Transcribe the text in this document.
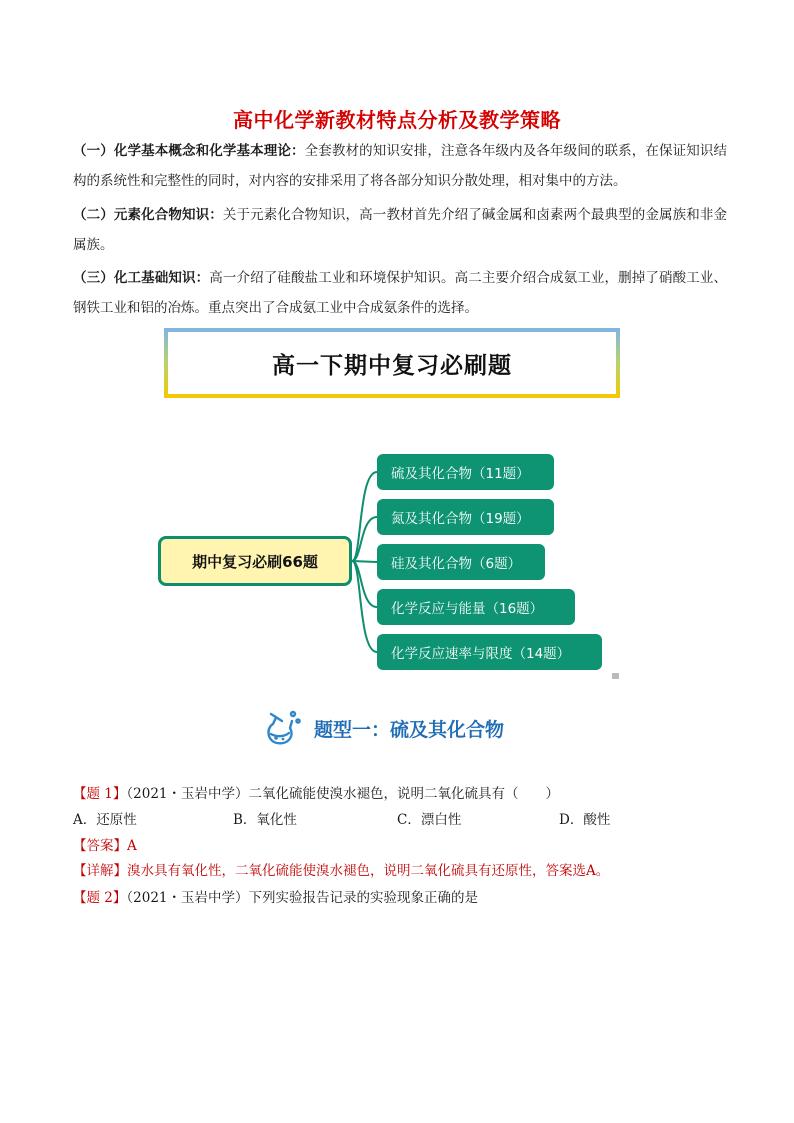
高中化学新教材特点分析及教学策略
（一）化学基本概念和化学基本理论：全套教材的知识安排，注意各年级内及各年级间的联系，在保证知识结构的系统性和完整性的同时，对内容的安排采用了将各部分知识分散处理，相对集中的方法。
（二）元素化合物知识：关于元素化合物知识，高一教材首先介绍了碱金属和卤素两个最典型的金属族和非金属族。
（三）化工基础知识：高一介绍了硅酸盐工业和环境保护知识。高二主要介绍合成氨工业，删掉了硝酸工业、钢铁工业和铝的冶炼。重点突出了合成氨工业中合成氨条件的选择。
高一下期中复习必刷题
期中复习必刷66题
硫及其化合物（11题）
氮及其化合物（19题）
硅及其化合物（6题）
化学反应与能量（16题）
化学反应速率与限度（14题）
题型一：硫及其化合物
【题 1】（2021・玉岩中学）二氧化硫能使溴水褪色，说明二氧化硫具有（　　）
A．还原性	B．氧化性	C．漂白性	D．酸性
【答案】A
【详解】溴水具有氧化性，二氧化硫能使溴水褪色，说明二氧化硫具有还原性，答案选A。
【题 2】（2021・玉岩中学）下列实验报告记录的实验现象正确的是
